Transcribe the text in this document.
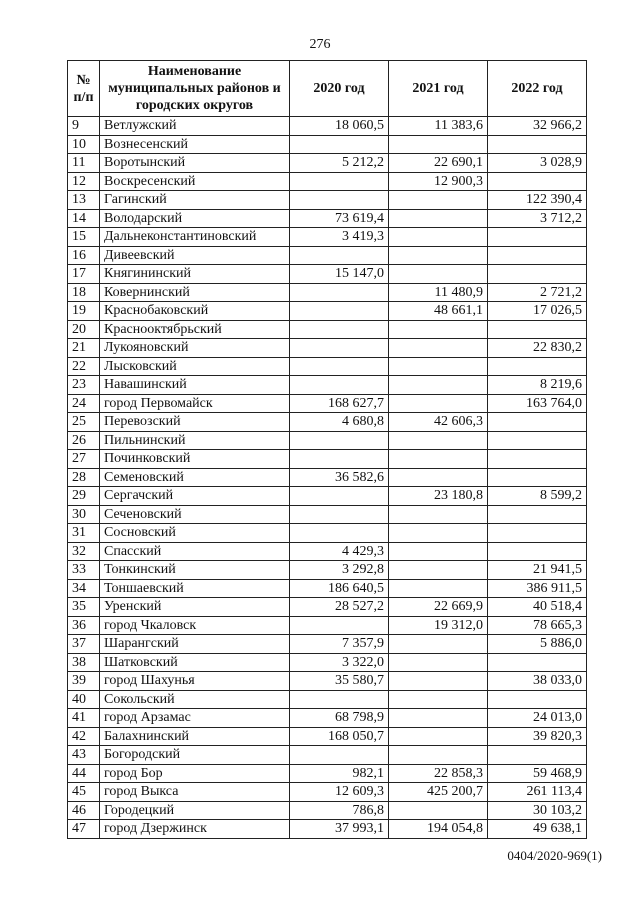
276
№ п/п	Наименование муниципальных районов и городских округов	2020 год	2021 год	2022 год
9	Ветлужский	18 060,5	11 383,6	32 966,2
10	Вознесенский			
11	Воротынский	5 212,2	22 690,1	3 028,9
12	Воскресенский		12 900,3	
13	Гагинский			122 390,4
14	Володарский	73 619,4		3 712,2
15	Дальнеконстантиновский	3 419,3		
16	Дивеевский			
17	Княгининский	15 147,0		
18	Ковернинский		11 480,9	2 721,2
19	Краснобаковский		48 661,1	17 026,5
20	Краснооктябрьский			
21	Лукояновский			22 830,2
22	Лысковский			
23	Навашинский			8 219,6
24	город Первомайск	168 627,7		163 764,0
25	Перевозский	4 680,8	42 606,3	
26	Пильнинский			
27	Починковский			
28	Семеновский	36 582,6		
29	Сергачский		23 180,8	8 599,2
30	Сеченовский			
31	Сосновский			
32	Спасский	4 429,3		
33	Тонкинский	3 292,8		21 941,5
34	Тоншаевский	186 640,5		386 911,5
35	Уренский	28 527,2	22 669,9	40 518,4
36	город Чкаловск		19 312,0	78 665,3
37	Шарангский	7 357,9		5 886,0
38	Шатковский	3 322,0		
39	город Шахунья	35 580,7		38 033,0
40	Сокольский			
41	город Арзамас	68 798,9		24 013,0
42	Балахнинский	168 050,7		39 820,3
43	Богородский			
44	город Бор	982,1	22 858,3	59 468,9
45	город Выкса	12 609,3	425 200,7	261 113,4
46	Городецкий	786,8		30 103,2
47	город Дзержинск	37 993,1	194 054,8	49 638,1
0404/2020-969(1)
